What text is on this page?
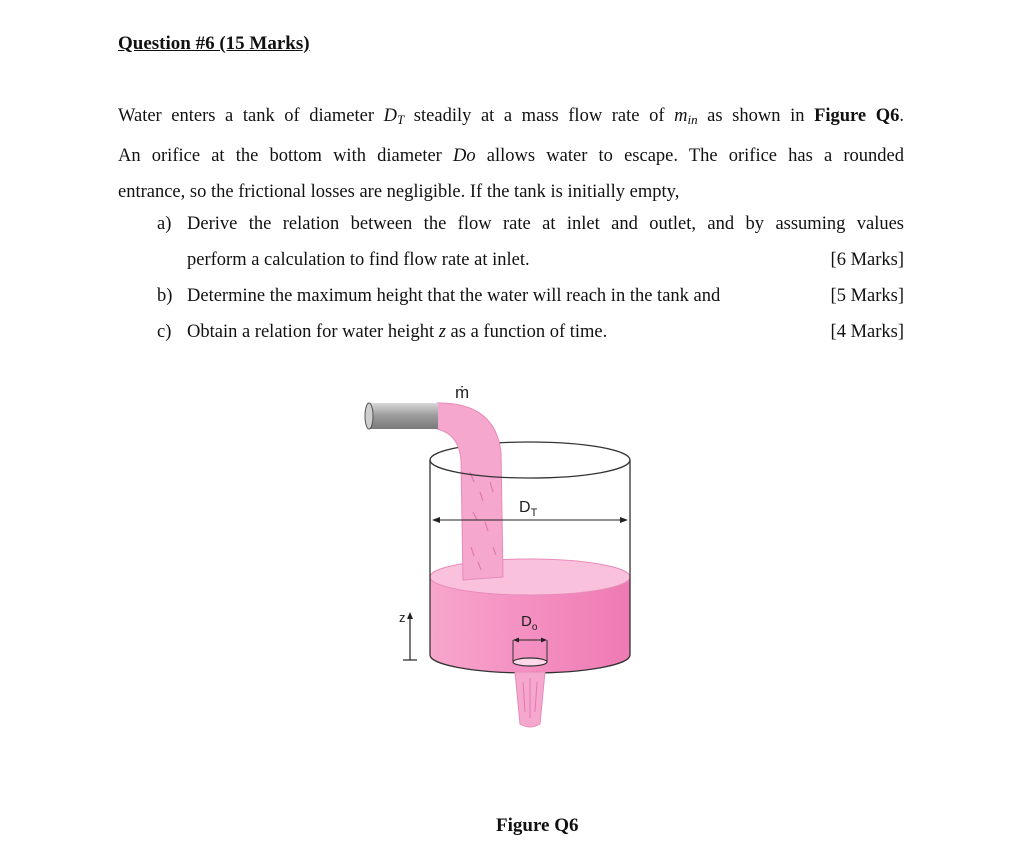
Question #6 (15 Marks)
Water enters a tank of diameter $D_T$ steadily at a mass flow rate of $m_{in}$ as shown in Figure Q6.
An orifice at the bottom with diameter Do allows water to escape. The orifice has a rounded
entrance, so the frictional losses are negligible. If the tank is initially empty,
a) Derive the relation between the flow rate at inlet and outlet, and by assuming values
perform a calculation to find flow rate at inlet.	[6 Marks]
b) Determine the maximum height that the water will reach in the tank and	[5 Marks]
c) Obtain a relation for water height z as a function of time.	[4 Marks]
$D_T$
$D_o$
z
ṁ
Figure Q6
